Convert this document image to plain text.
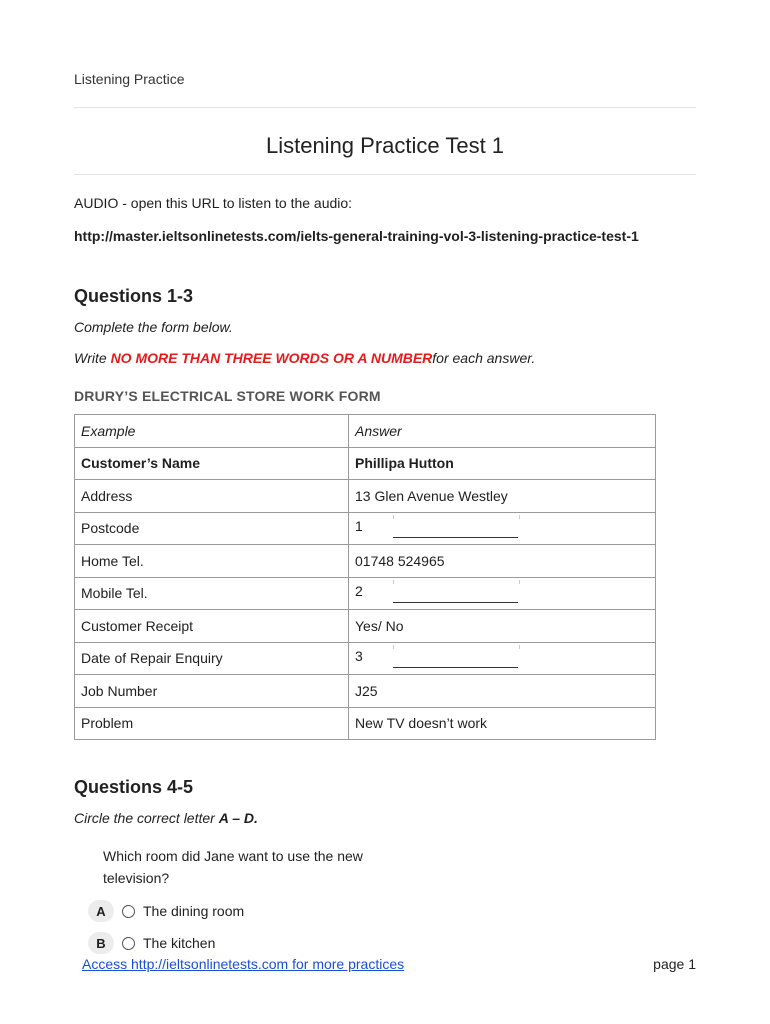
Listening Practice
Listening Practice Test 1
AUDIO - open this URL to listen to the audio:
http://master.ieltsonlinetests.com/ielts-general-training-vol-3-listening-practice-test-1
Questions 1-3
Complete the form below.
Write NO MORE THAN THREE WORDS OR A NUMBERfor each answer.
DRURY’S ELECTRICAL STORE WORK FORM
Example	Answer
Customer’s Name	Phillipa Hutton
Address	13 Glen Avenue Westley
Postcode	1

Home Tel.	01748 524965
Mobile Tel.	2

Customer Receipt	Yes/ No
Date of Repair Enquiry	3

Job Number	J25
Problem	New TV doesn’t work
Questions 4-5
Circle the correct letter A – D.
Which room did Jane want to use the new television?
A	The dining room
B	The kitchen
Access http://ieltsonlinetests.com for more practices	page 1
